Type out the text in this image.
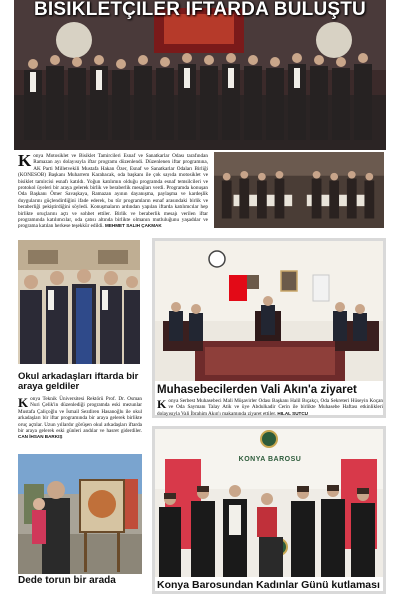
BISIKLETÇILER IFTARDA BULUŞTU
Konya Motosiklet ve Bisiklet Tamircileri Esnaf ve Sanatkarlar Odası tarafından Ramazan ayı dolayısıyla iftar programı düzenlendi. Düzenlenen iftar programına, AK Parti Milletvekili Mustafa Hakan Özer, Esnaf ve Sanatkarlar Odaları Birliği (KONESOB) Başkanı Muharrem Karabacak, oda başkanı ile çok sayıda motosiklet ve bisiklet tamircisi esnafı katıldı. Yoğun katılımın olduğu programda esnaf temsilcileri ve protokol üyeleri bir araya gelerek birlik ve beraberlik mesajları verdi. Programda konuşan Oda Başkanı Ömer Savaşkaya, Ramazan ayının dayanışma, paylaşma ve kardeşlik duygularını güçlendirdiğini ifade ederek, bu tür programların esnaf arasındaki birlik ve beraberliği pekiştirdiğini söyledi. Konuşmaların ardından yapılan iftarda katılımcılar hep birlikte oruçlarını açtı ve sohbet ettiler. Birlik ve beraberlik mesajı verilen iftar programında katılımcılar, oda çatısı altında birlikte olmanın mutluluğunu yaşadılar ve programa katılan herkese teşekkür edildi. MEHMET SALIH ÇAKMAK
Okul arkadaşları iftarda bir araya geldiler
Konya Teknik Üniversitesi Rektörü Prof. Dr. Osman Nuri Çelik'in düzenlediği programda eski mezunlar Mustafa Çaliçoğlu ve İsmail Sezdiren Hasanoğlu ile okul arkadaşları bir iftar programında bir araya gelerek birlikte oruç açtılar. Uzun yıllardır görüşen okul arkadaşları iftarda bir araya gelerek eski günleri andılar ve hasret giderdiler. CAN İHSAN BARKIŞ
Dede torun bir arada
Muhasebecilerden Vali Akın'a ziyaret
Konya Serbest Muhasebeci Mali Müşavirler Odası Başkanı Halil Bıçakçı, Oda Sekreteri Hüseyin Koçan ve Oda Saymanı Talay Atik ve üye Abdulkadir Cerin ile birlikte Muhasebe Haftası etkinlikleri dolayısıyla Vali İbrahim Akın'ı makamında ziyaret ettiler. HILAL SUTCU
KONYA BAROSU
Konya Barosundan Kadınlar Günü kutlaması
